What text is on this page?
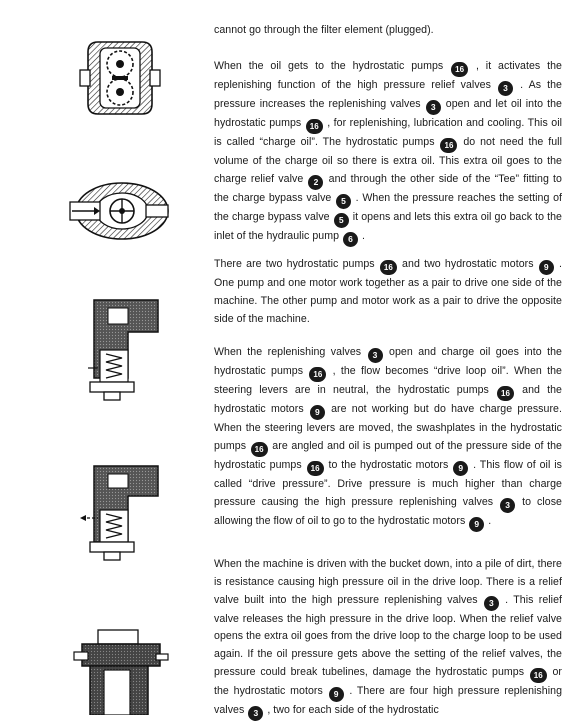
cannot go through the filter element (plugged).
When the oil gets to the hydrostatic pumps 16 , it activates the replenishing function of the high pressure relief valves 3 . As the pressure increases the replenishing valves 3 open and let oil into the hydrostatic pumps 16 , for replenishing, lubrication and cooling. This oil is called “charge oil”. The hydrostatic pumps 16 do not need the full volume of the charge oil so there is extra oil. This extra oil goes to the charge relief valve 2 and through the other side of the “Tee” fitting to the charge bypass valve 5 . When the pressure reaches the setting of the charge bypass valve 5 it opens and lets this extra oil go back to the inlet of the hydraulic pump 6 .
There are two hydrostatic pumps 16 and two hydrostatic motors 9 . One pump and one motor work together as a pair to drive one side of the machine. The other pump and motor work as a pair to drive the opposite side of the machine.
When the replenishing valves 3 open and charge oil goes into the hydrostatic pumps 16 , the flow becomes “drive loop oil”. When the steering levers are in neutral, the hydrostatic pumps 16 and the hydrostatic motors 9 are not working but do have charge pressure. When the steering levers are moved, the swashplates in the hydrostatic pumps 16 are angled and oil is pumped out of the pressure side of the hydrostatic pumps 16 to the hydrostatic motors 9 . This flow of oil is called “drive pressure”. Drive pressure is much higher than charge pressure causing the high pressure replenishing valves 3 to close allowing the flow of oil to go to the hydrostatic motors 9 .
When the machine is driven with the bucket down, into a pile of dirt, there is resistance causing high pressure oil in the drive loop. There is a relief valve built into the high pressure replenishing valves 3 . This relief valve releases the high pressure in the drive loop. When the relief valve opens the extra oil goes from the drive loop to the charge loop to be used again. If the oil pressure gets above the setting of the relief valves, the pressure could break tubelines, damage the hydrostatic pumps 16 or the hydrostatic motors 9 . There are four high pressure replenishing valves 3 , two for each side of the hydrostatic
